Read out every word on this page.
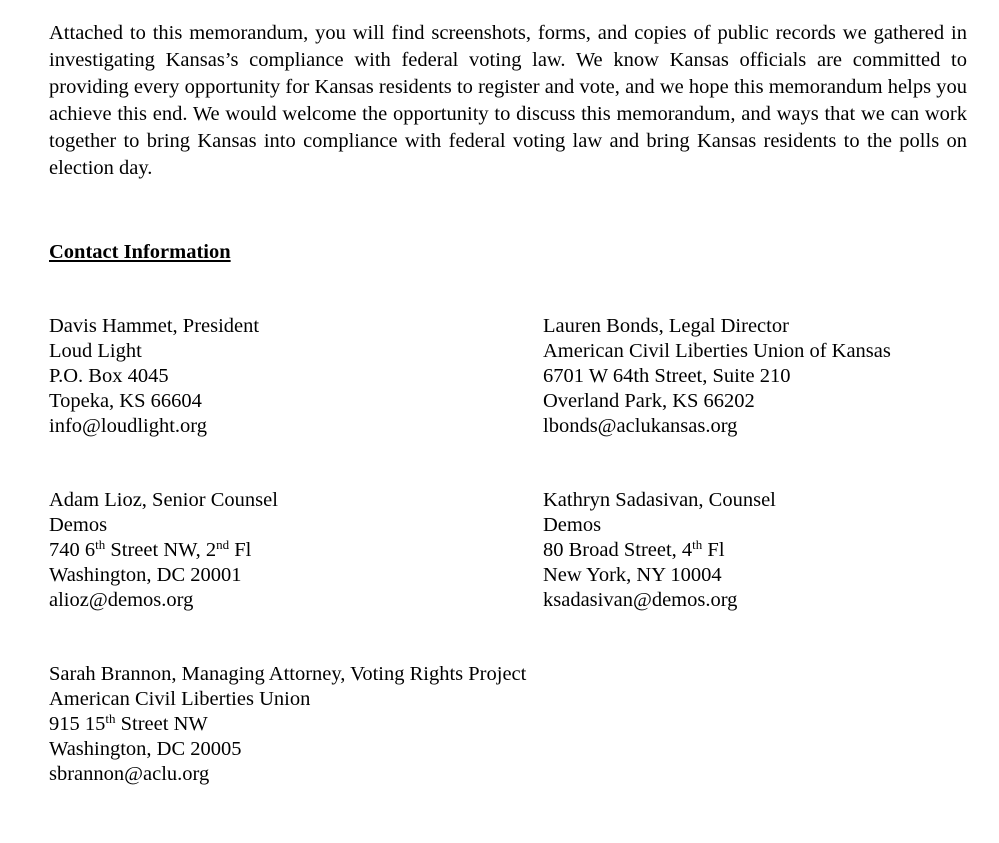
Attached to this memorandum, you will find screenshots, forms, and copies of public records we gathered in investigating Kansas’s compliance with federal voting law. We know Kansas officials are committed to providing every opportunity for Kansas residents to register and vote, and we hope this memorandum helps you achieve this end. We would welcome the opportunity to discuss this memorandum, and ways that we can work together to bring Kansas into compliance with federal voting law and bring Kansas residents to the polls on election day.

Contact Information
Davis Hammet, President
Loud Light
P.O. Box 4045
Topeka, KS 66604
info@loudlight.org
Lauren Bonds, Legal Director
American Civil Liberties Union of Kansas
6701 W 64th Street, Suite 210
Overland Park, KS 66202
lbonds@aclukansas.org
Adam Lioz, Senior Counsel
Demos
740 6th Street NW, 2nd Fl
Washington, DC 20001
alioz@demos.org
Kathryn Sadasivan, Counsel
Demos
80 Broad Street, 4th Fl
New York, NY 10004
ksadasivan@demos.org
Sarah Brannon, Managing Attorney, Voting Rights Project
American Civil Liberties Union
915 15th Street NW
Washington, DC 20005
sbrannon@aclu.org
